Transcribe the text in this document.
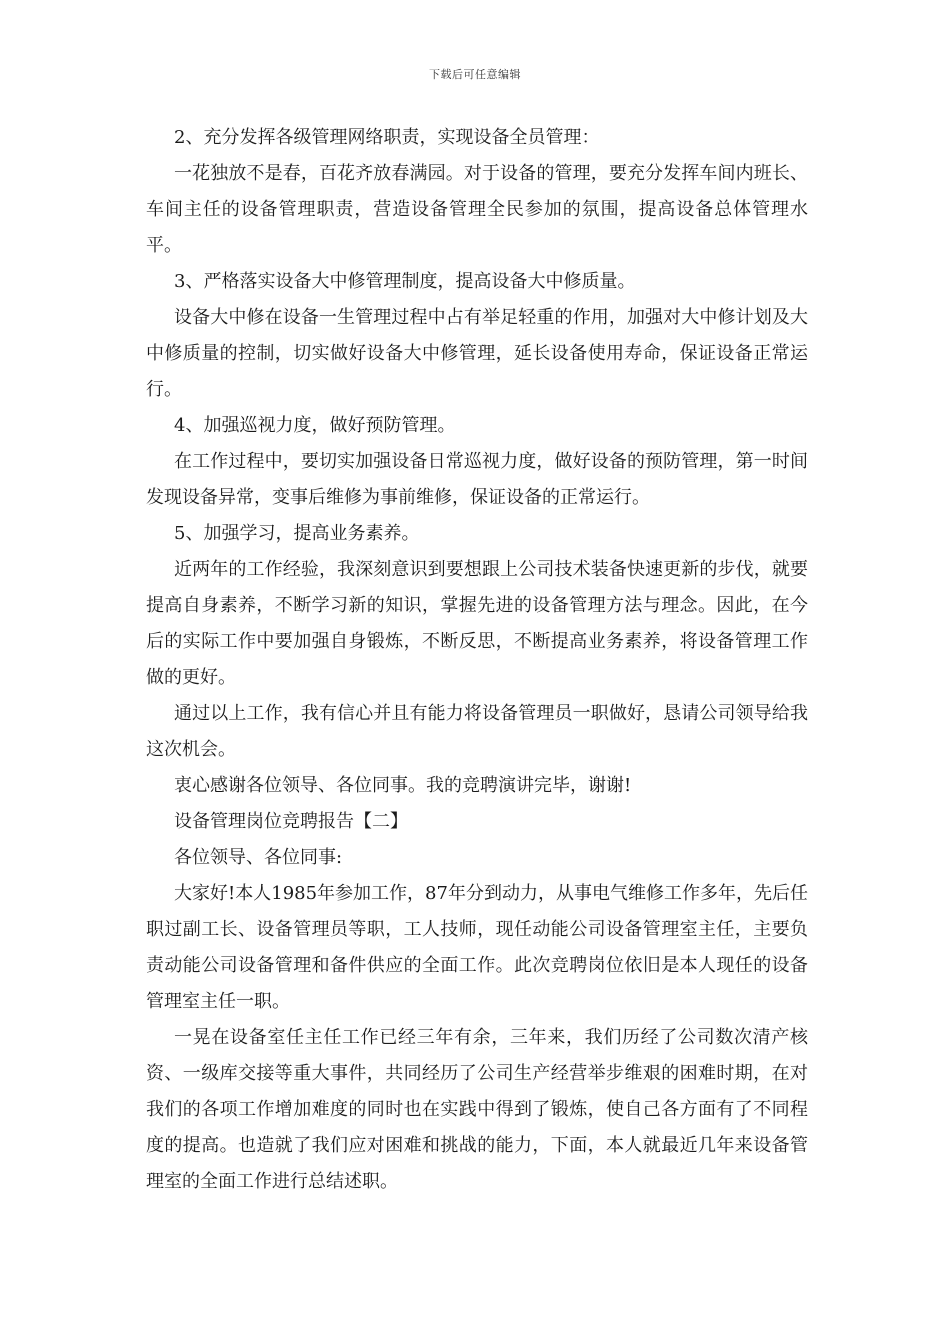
下载后可任意编辑

2、充分发挥各级管理网络职责，实现设备全员管理：

一花独放不是春，百花齐放春满园。对于设备的管理，要充分发挥车间内班长、车间主任的设备管理职责，营造设备管理全民参加的氛围，提高设备总体管理水平。

3、严格落实设备大中修管理制度，提高设备大中修质量。

设备大中修在设备一生管理过程中占有举足轻重的作用，加强对大中修计划及大中修质量的控制，切实做好设备大中修管理，延长设备使用寿命，保证设备正常运行。

4、加强巡视力度，做好预防管理。

在工作过程中，要切实加强设备日常巡视力度，做好设备的预防管理，第一时间发现设备异常，变事后维修为事前维修，保证设备的正常运行。

5、加强学习，提高业务素养。

近两年的工作经验，我深刻意识到要想跟上公司技术装备快速更新的步伐，就要提高自身素养，不断学习新的知识，掌握先进的设备管理方法与理念。因此，在今后的实际工作中要加强自身锻炼，不断反思，不断提高业务素养，将设备管理工作做的更好。

通过以上工作，我有信心并且有能力将设备管理员一职做好，恳请公司领导给我这次机会。

衷心感谢各位领导、各位同事。我的竞聘演讲完毕，谢谢!

设备管理岗位竞聘报告【二】

各位领导、各位同事:

大家好!本人1985年参加工作，87年分到动力，从事电气维修工作多年，先后任职过副工长、设备管理员等职，工人技师，现任动能公司设备管理室主任，主要负责动能公司设备管理和备件供应的全面工作。此次竞聘岗位依旧是本人现任的设备管理室主任一职。

一晃在设备室任主任工作已经三年有余，三年来，我们历经了公司数次清产核资、一级库交接等重大事件，共同经历了公司生产经营举步维艰的困难时期，在对我们的各项工作增加难度的同时也在实践中得到了锻炼，使自己各方面有了不同程度的提高。也造就了我们应对困难和挑战的能力，下面，本人就最近几年来设备管理室的全面工作进行总结述职。
